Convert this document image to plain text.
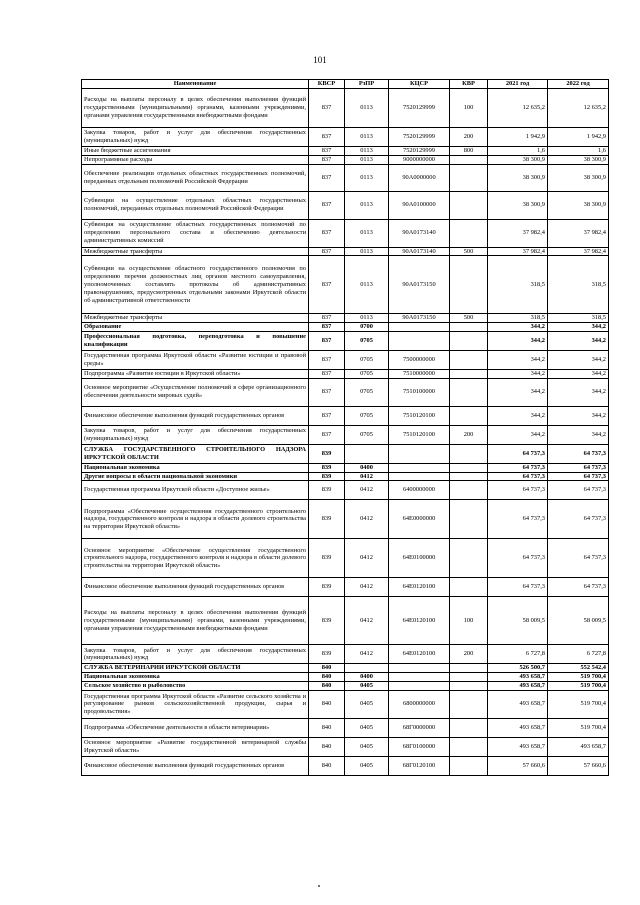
101
Наименование	КВСР	РзПР	КЦСР	КВР	2021 год	2022 год
Расходы на выплаты персоналу в целях обеспечения выполнения функций государственными (муниципальными) органами, казенными учреждениями, органами управления государственными внебюджетными фондами	837	0113	7520129999	100	12 635,2	12 635,2
Закупка товаров, работ и услуг для обеспечения государственных (муниципальных) нужд	837	0113	7520129999	200	1 942,9	1 942,9
Иные бюджетные ассигнования	837	0113	7520129999	800	1,6	1,6
Непрограммные расходы	837	0113	9000000000		38 300,9	38 300,9
Обеспечение реализации отдельных областных государственных полномочий, переданных отдельным полномочий Российской Федерации	837	0113	90А0000000		38 300,9	38 300,9
Субвенции на осуществление отдельных областных государственных полномочий, переданных отдельных полномочий Российской Федерации	837	0113	90А0100000		38 300,9	38 300,9
Субвенция на осуществление областных государственных полномочий по определению персонального состава и обеспечению деятельности административных комиссий	837	0113	90А0173140		37 982,4	37 982,4
Межбюджетные трансферты	837	0113	90А0173140	500	37 982,4	37 982,4
Субвенции на осуществление областного государственного полномочия по определению перечня должностных лиц органов местного самоуправления, уполномоченных составлять протоколы об административных правонарушениях, предусмотренных отдельными законами Иркутской области об административной ответственности	837	0113	90А0173150		318,5	318,5
Межбюджетные трансферты	837	0113	90А0173150	500	318,5	318,5
Образование	837	0700			344,2	344,2
Профессиональная подготовка, переподготовка и повышение квалификации	837	0705			344,2	344,2
Государственная программа Иркутской области «Развитие юстиции и правовой среды»	837	0705	7500000000		344,2	344,2
Подпрограмма «Развитие юстиции в Иркутской области»	837	0705	7510000000		344,2	344,2
Основное мероприятие «Осуществление полномочий в сфере организационного обеспечения деятельности мировых судей»	837	0705	7510100000		344,2	344,2
Финансовое обеспечение выполнения функций государственных органов	837	0705	7510120100		344,2	344,2
Закупка товаров, работ и услуг для обеспечения государственных (муниципальных) нужд	837	0705	7510120100	200	344,2	344,2
СЛУЖБА ГОСУДАРСТВЕННОГО СТРОИТЕЛЬНОГО НАДЗОРА ИРКУТСКОЙ ОБЛАСТИ	839				64 737,3	64 737,3
Национальная экономика	839	0400			64 737,3	64 737,3
Другие вопросы в области национальной экономики	839	0412			64 737,3	64 737,3
Государственная программа Иркутской области «Доступное жилье»	839	0412	6400000000		64 737,3	64 737,3
Подпрограмма «Обеспечение осуществления государственного строительного надзора, государственного контроля и надзора в области долевого строительства на территории Иркутской области»	839	0412	64Е0000000		64 737,3	64 737,3
Основное мероприятие «Обеспечение осуществления государственного строительного надзора, государственного контроля и надзора в области долевого строительства на территории Иркутской области»	839	0412	64Е0100000		64 737,3	64 737,3
Финансовое обеспечение выполнения функций государственных органов	839	0412	64Е0120100		64 737,3	64 737,3
Расходы на выплаты персоналу в целях обеспечения выполнения функций государственными (муниципальными) органами, казенными учреждениями, органами управления государственными внебюджетными фондами	839	0412	64Е0120100	100	58 009,5	58 009,5
Закупка товаров, работ и услуг для обеспечения государственных (муниципальных) нужд	839	0412	64Е0120100	200	6 727,8	6 727,8
СЛУЖБА ВЕТЕРИНАРИИ ИРКУТСКОЙ ОБЛАСТИ	840				526 500,7	552 542,4
Национальная экономика	840	0400			493 658,7	519 700,4
Сельское хозяйство и рыболовство	840	0405			493 658,7	519 700,4
Государственная программа Иркутской области «Развитие сельского хозяйства и регулирование рынков сельскохозяйственной продукции, сырья и продовольствия»	840	0405	6800000000		493 658,7	519 700,4
Подпрограмма «Обеспечение деятельности в области ветеринарии»	840	0405	68Г0000000		493 658,7	519 700,4
Основное мероприятие «Развитие государственной ветеринарной службы Иркутской области»	840	0405	68Г0100000		493 658,7	493 658,7
Финансовое обеспечение выполнения функций государственных органов	840	0405	68Г0120100		57 660,6	57 660,6
